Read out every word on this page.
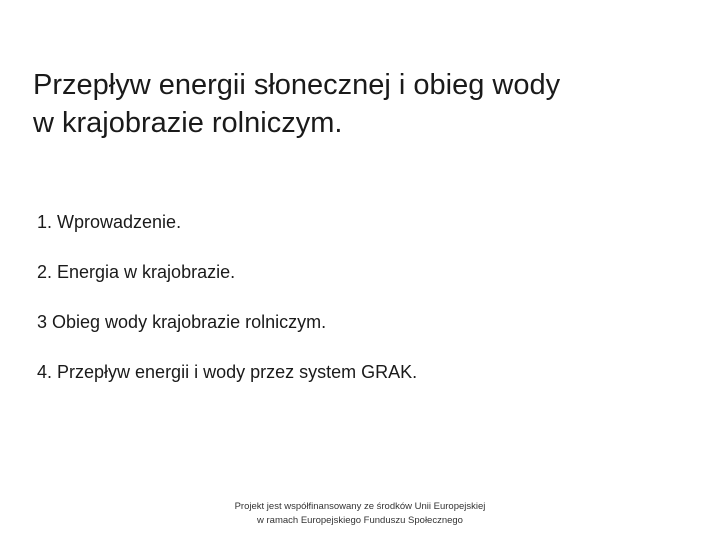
Przepływ energii słonecznej i obieg wody
w krajobrazie rolniczym.
1. Wprowadzenie.
2. Energia w krajobrazie.
3 Obieg wody krajobrazie rolniczym.
4. Przepływ energii i wody przez system GRAK.
Projekt jest współfinansowany ze środków Unii Europejskiej
w ramach Europejskiego Funduszu Społecznego
